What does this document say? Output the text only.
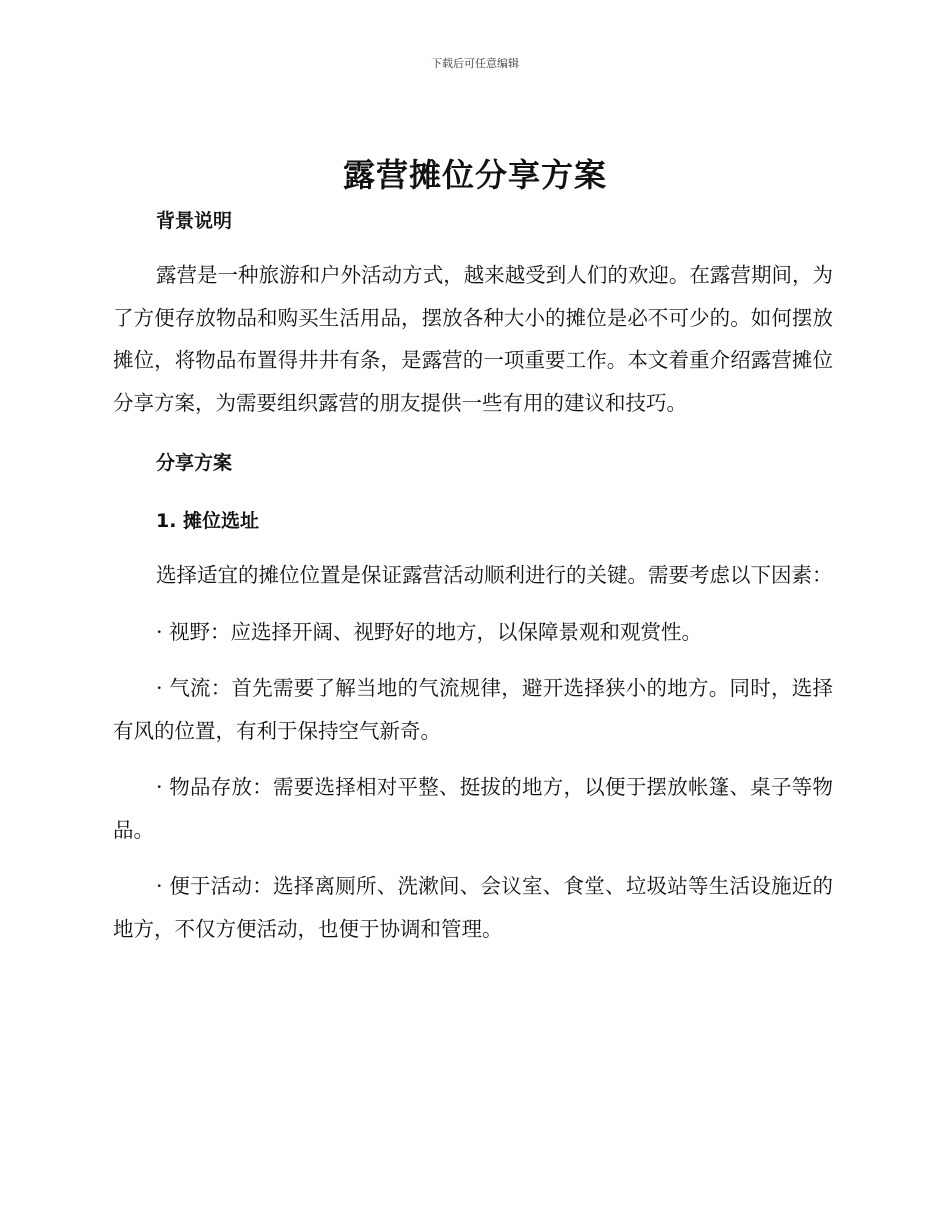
下载后可任意编辑
露营摊位分享方案

背景说明

露营是一种旅游和户外活动方式，越来越受到人们的欢迎。在露营期间，为了方便存放物品和购买生活用品，摆放各种大小的摊位是必不可少的。如何摆放摊位，将物品布置得井井有条，是露营的一项重要工作。本文着重介绍露营摊位分享方案，为需要组织露营的朋友提供一些有用的建议和技巧。

分享方案

1. 摊位选址

选择适宜的摊位位置是保证露营活动顺利进行的关键。需要考虑以下因素：

· 视野：应选择开阔、视野好的地方，以保障景观和观赏性。

· 气流：首先需要了解当地的气流规律，避开选择狭小的地方。同时，选择有风的位置，有利于保持空气新奇。

· 物品存放：需要选择相对平整、挺拔的地方，以便于摆放帐篷、桌子等物品。

· 便于活动：选择离厕所、洗漱间、会议室、食堂、垃圾站等生活设施近的地方，不仅方便活动，也便于协调和管理。
